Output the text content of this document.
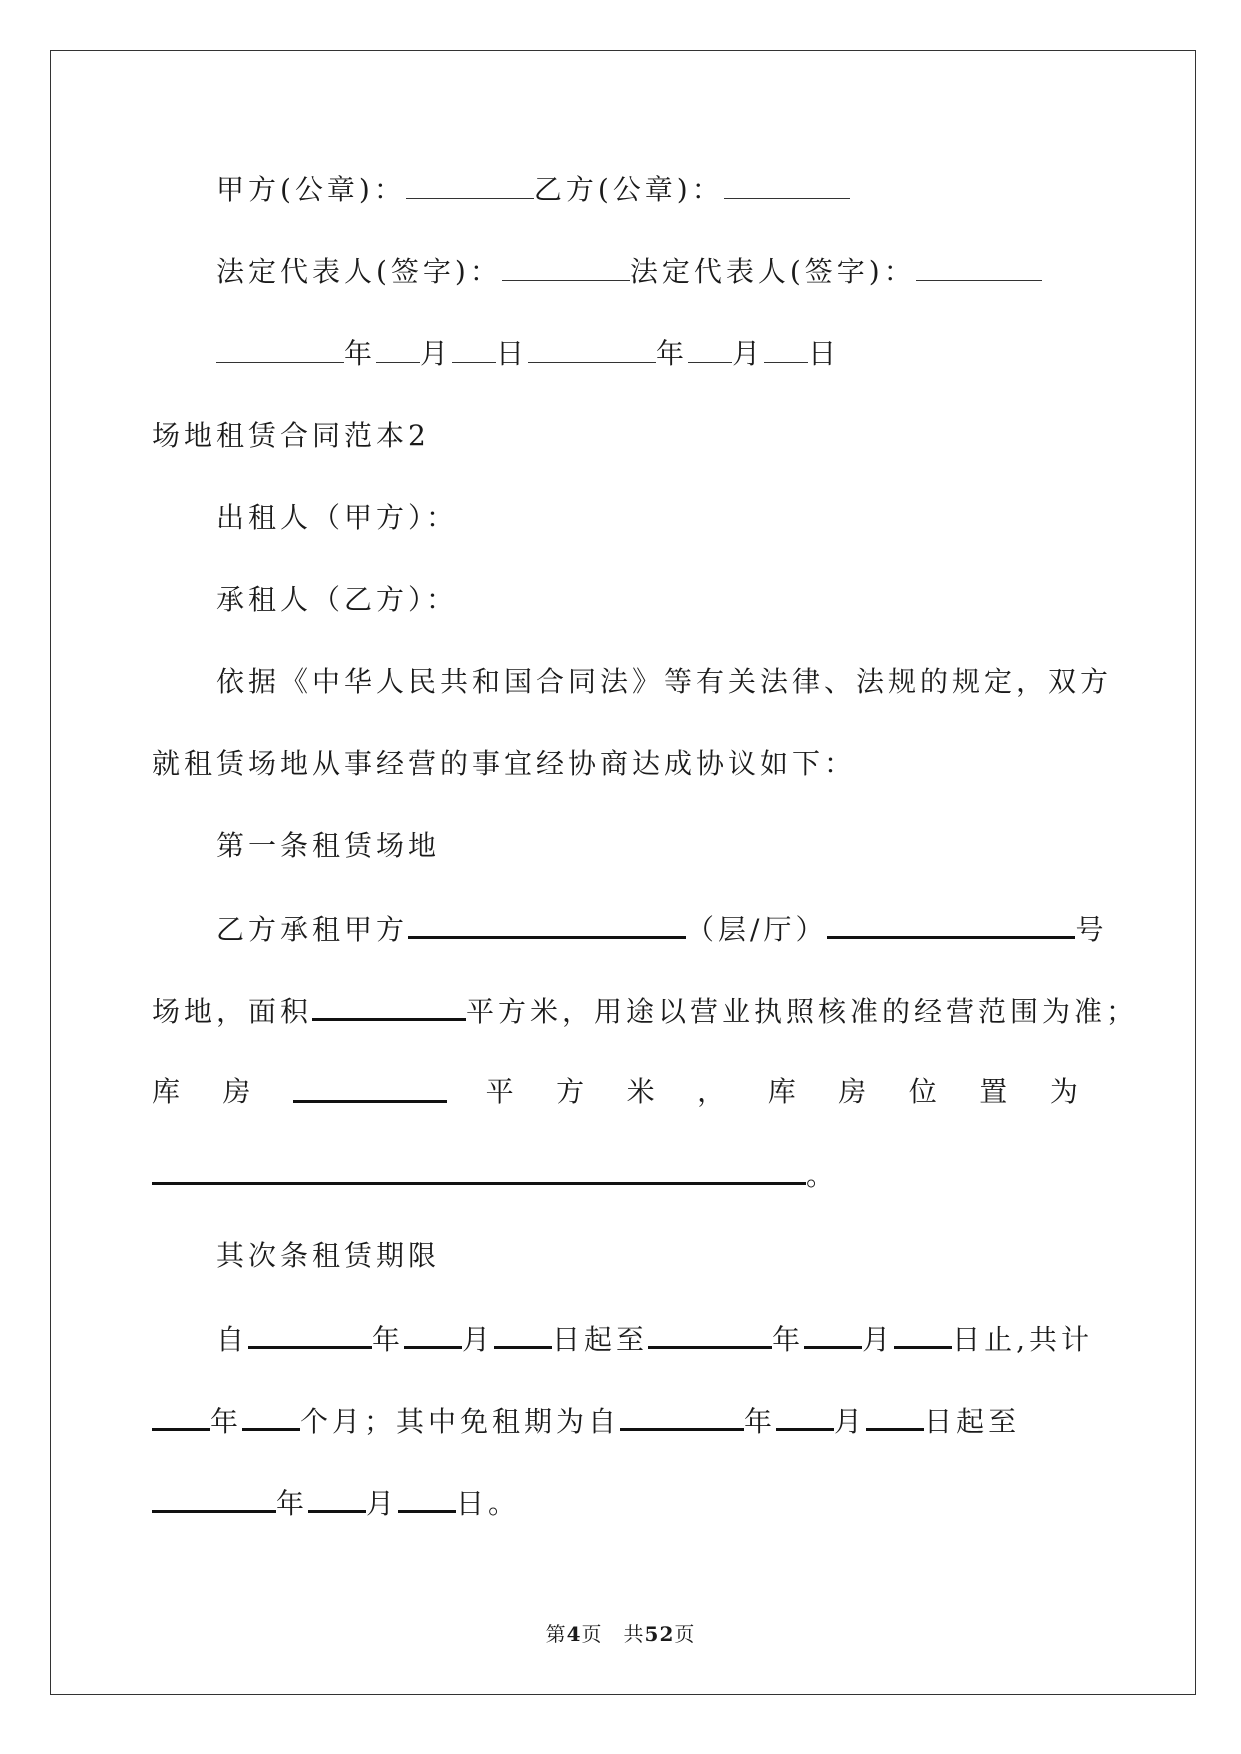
甲方(公章)：	乙方(公章)：
法定代表人(签字)：	法定代表人(签字)：
年 月 日	年 月 日
场地租赁合同范本2
出租人（甲方）：
承租人（乙方）：
依据《中华人民共和国合同法》等有关法律、法规的规定，双方
就租赁场地从事经营的事宜经协商达成协议如下：
第一条租赁场地
乙方承租甲方	（层/厅）	号
场地，面积	平方米，用途以营业执照核准的经营范围为准；
库 房	平 方 米 ， 库 房 位 置 为
。
其次条租赁期限
自	年 月 日起至	年 月 日止,共计
年 个月；其中免租期为自	年 月 日起至
年 月 日。
第4页　共52页
